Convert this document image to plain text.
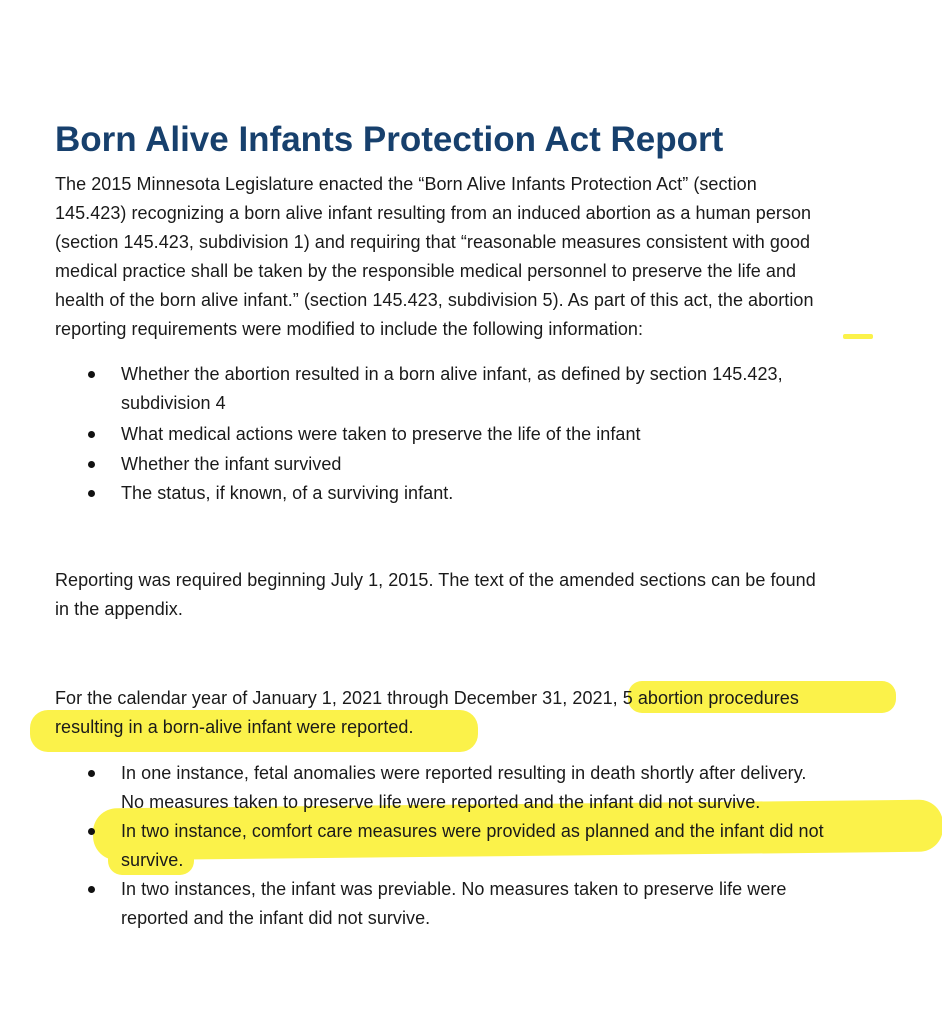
Born Alive Infants Protection Act Report
The 2015 Minnesota Legislature enacted the “Born Alive Infants Protection Act” (section
145.423) recognizing a born alive infant resulting from an induced abortion as a human person
(section 145.423, subdivision 1) and requiring that “reasonable measures consistent with good
medical practice shall be taken by the responsible medical personnel to preserve the life and
health of the born alive infant.” (section 145.423, subdivision 5). As part of this act, the abortion
reporting requirements were modified to include the following information:
Whether the abortion resulted in a born alive infant, as defined by section 145.423,
subdivision 4
What medical actions were taken to preserve the life of the infant
Whether the infant survived
The status, if known, of a surviving infant.
Reporting was required beginning July 1, 2015. The text of the amended sections can be found
in the appendix.
For the calendar year of January 1, 2021 through December 31, 2021, 5 abortion procedures
resulting in a born-alive infant were reported.
In one instance, fetal anomalies were reported resulting in death shortly after delivery.
No measures taken to preserve life were reported and the infant did not survive.
In two instance, comfort care measures were provided as planned and the infant did not
survive.
In two instances, the infant was previable. No measures taken to preserve life were
reported and the infant did not survive.
